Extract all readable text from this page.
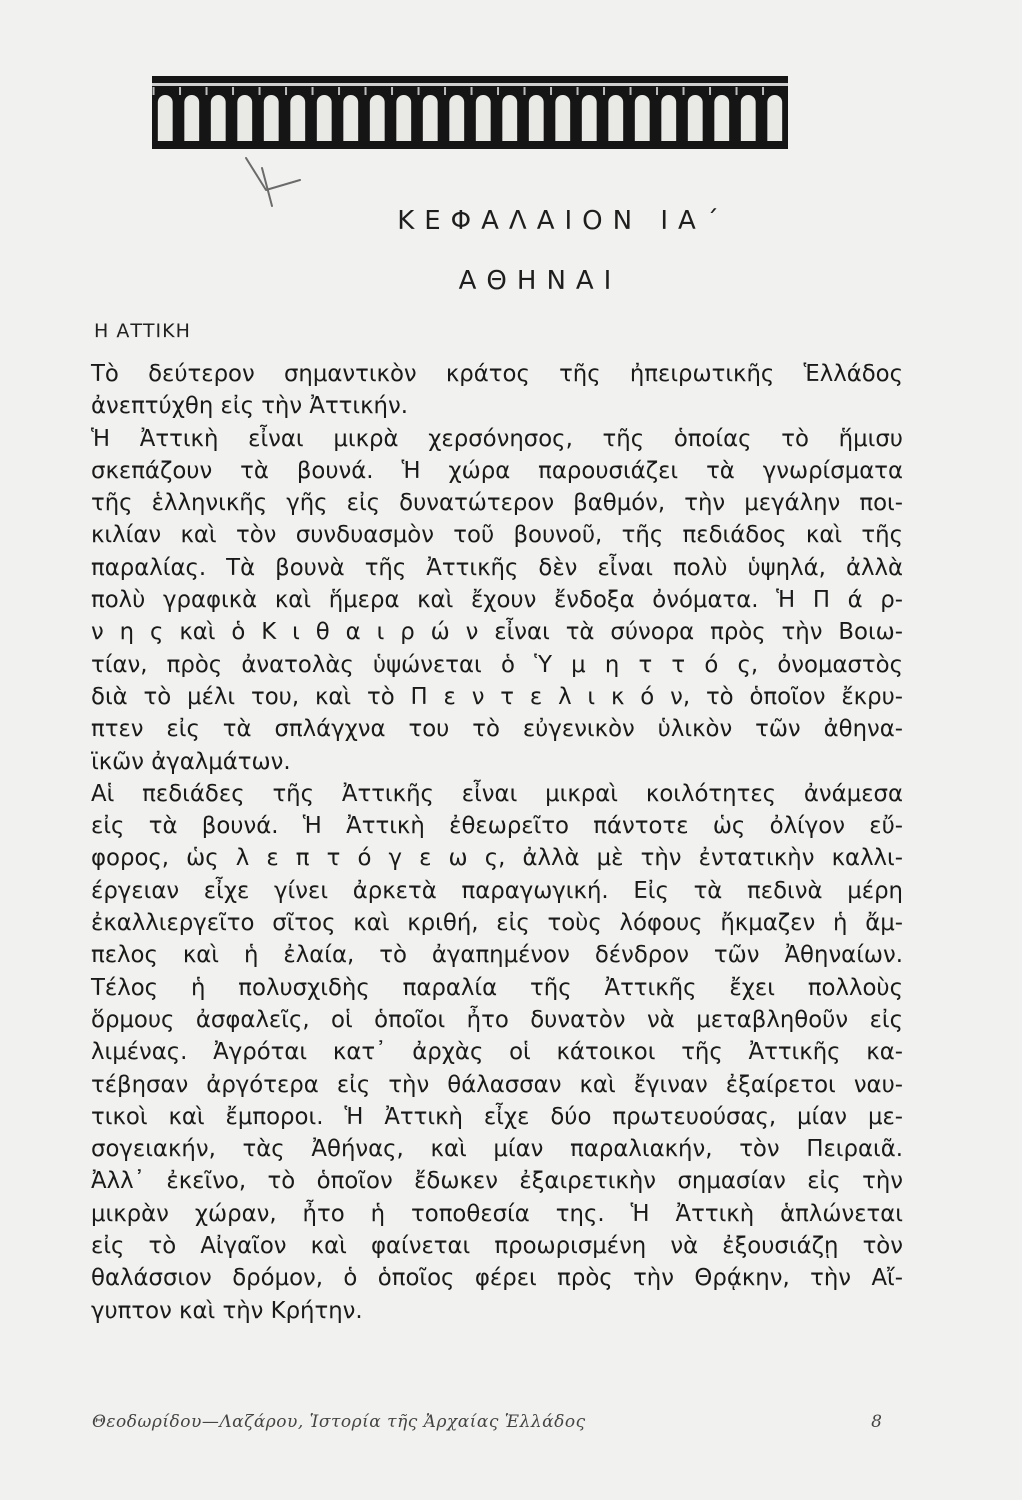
ΚΕΦΑΛΑΙΟΝ ΙΑ΄
ΑΘΗΝΑΙ
Η ΑΤΤΙΚΗ

Τὸ δεύτερον σημαντικὸν κράτος τῆς ἠπειρωτικῆς Ἑλλάδος

ἀνεπτύχθη εἰς τὴν Ἀττικήν.

Ἡ Ἀττικὴ εἶναι μικρὰ χερσόνησος, τῆς ὁποίας τὸ ἥμισυ

σκεπάζουν τὰ βουνά. Ἡ χώρα παρουσιάζει τὰ γνωρίσματα

τῆς ἑλληνικῆς γῆς εἰς δυνατώτερον βαθμόν, τὴν μεγάλην ποι-

κιλίαν καὶ τὸν συνδυασμὸν τοῦ βουνοῦ, τῆς πεδιάδος καὶ τῆς

παραλίας. Τὰ βουνὰ τῆς Ἀττικῆς δὲν εἶναι πολὺ ὑψηλά, ἀλλὰ

πολὺ γραφικὰ καὶ ἥμερα καὶ ἔχουν ἔνδοξα ὀνόματα. Ἡ Π ά ρ-

ν η ς καὶ ὁ Κ ι θ α ι ρ ώ ν εἶναι τὰ σύνορα πρὸς τὴν Βοιω-

τίαν, πρὸς ἀνατολὰς ὑψώνεται ὁ Ὑ μ η τ τ ό ς, ὀνομαστὸς

διὰ τὸ μέλι του, καὶ τὸ Π ε ν τ ε λ ι κ ό ν, τὸ ὁποῖον ἔκρυ-

πτεν εἰς τὰ σπλάγχνα του τὸ εὐγενικὸν ὑλικὸν τῶν ἀθηνα-

ϊκῶν ἀγαλμάτων.

Αἱ πεδιάδες τῆς Ἀττικῆς εἶναι μικραὶ κοιλότητες ἀνάμεσα

εἰς τὰ βουνά. Ἡ Ἀττικὴ ἐθεωρεῖτο πάντοτε ὡς ὀλίγον εὔ-

φορος, ὡς λ ε π τ ό γ ε ω ς, ἀλλὰ μὲ τὴν ἐντατικὴν καλλι-

έργειαν εἶχε γίνει ἀρκετὰ παραγωγική. Εἰς τὰ πεδινὰ μέρη

ἐκαλλιεργεῖτο σῖτος καὶ κριθή, εἰς τοὺς λόφους ἤκμαζεν ἡ ἄμ-

πελος καὶ ἡ ἐλαία, τὸ ἀγαπημένον δένδρον τῶν Ἀθηναίων.

Τέλος ἡ πολυσχιδὴς παραλία τῆς Ἀττικῆς ἔχει πολλοὺς

ὅρμους ἀσφαλεῖς, οἱ ὁποῖοι ἦτο δυνατὸν νὰ μεταβληθοῦν εἰς

λιμένας. Ἀγρόται κατ᾽ ἀρχὰς οἱ κάτοικοι τῆς Ἀττικῆς κα-

τέβησαν ἀργότερα εἰς τὴν θάλασσαν καὶ ἔγιναν ἐξαίρετοι ναυ-

τικοὶ καὶ ἔμποροι. Ἡ Ἀττικὴ εἶχε δύο πρωτευούσας, μίαν με-

σογειακήν, τὰς Ἀθήνας, καὶ μίαν παραλιακήν, τὸν Πειραιᾶ.

Ἀλλ᾽ ἐκεῖνο, τὸ ὁποῖον ἔδωκεν ἐξαιρετικὴν σημασίαν εἰς τὴν

μικρὰν χώραν, ἦτο ἡ τοποθεσία της. Ἡ Ἀττικὴ ἁπλώνεται

εἰς τὸ Αἰγαῖον καὶ φαίνεται προωρισμένη νὰ ἐξουσιάζῃ τὸν

θαλάσσιον δρόμον, ὁ ὁποῖος φέρει πρὸς τὴν Θρᾴκην, τὴν Αἴ-

γυπτον καὶ τὴν Κρήτην.

Θεοδωρίδου—Λαζάρου, Ἱστορία τῆς Ἀρχαίας Ἑλλάδος	8
